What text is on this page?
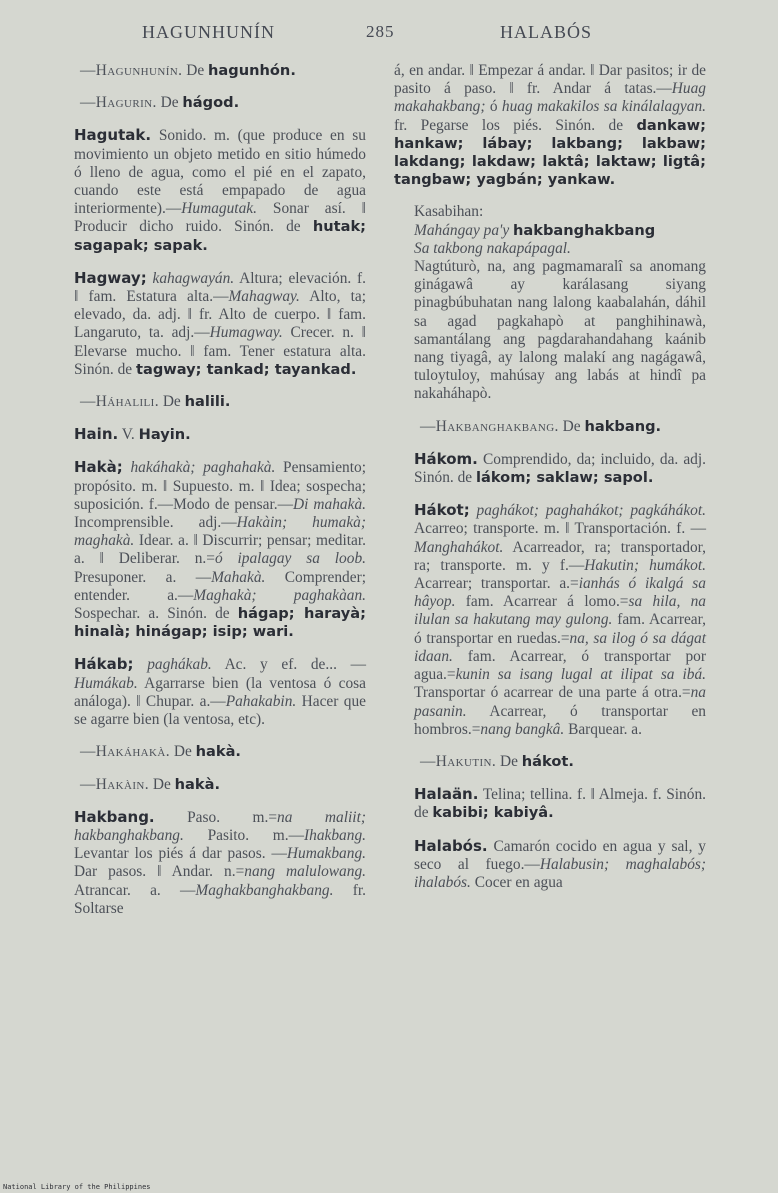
HAGUNHUNÍN	285	HALABÓS
—Hagunhunín. De hagunhón.
—Hagurin. De hágod.
Hagutak. Sonido. m. (que produce en su movimiento un objeto metido en sitio húmedo ó lleno de agua, como el pié en el zapato, cuando este está empapado de agua interiormente).—Humagutak. Sonar así. ‖ Producir dicho ruido. Sinón. de hutak; sagapak; sapak.
Hagway; kahagwayán. Altura; elevación. f. ‖ fam. Estatura alta.—Mahagway. Alto, ta; elevado, da. adj. ‖ fr. Alto de cuerpo. ‖ fam. Langaruto, ta. adj.—Humagway. Crecer. n. ‖ Elevarse mucho. ‖ fam. Tener estatura alta. Sinón. de tagway; tankad; tayankad.
—Háhalili. De halili.
Hain. V. Hayin.
Hakà; hakáhakà; paghahakà. Pensamiento; propósito. m. ‖ Supuesto. m. ‖ Idea; sospecha; suposición. f.—Modo de pensar.—Di mahakà. Incomprensible. adj.—Hakàin; humakà; maghakà. Idear. a. ‖ Discurrir; pensar; meditar. a. ‖ Deliberar. n.=ó ipalagay sa loob. Presuponer. a. —Mahakà. Comprender; entender. a.—Maghakà; paghakàan. Sospechar. a. Sinón. de hágap; harayà; hinalà; hinágap; isip; wari.
Hákab; paghákab. Ac. y ef. de... —Humákab. Agarrarse bien (la ventosa ó cosa análoga). ‖ Chupar. a.—Pahakabin. Hacer que se agarre bien (la ventosa, etc).
—Hakáhakà. De hakà.
—Hakàin. De hakà.
Hakbang. Paso. m.=na maliit; hakbanghakbang. Pasito. m.—Ihakbang. Levantar los piés á dar pasos. —Humakbang. Dar pasos. ‖ Andar. n.=nang malulowang. Atrancar. a. —Maghakbanghakbang. fr. Soltarse
á, en andar. ‖ Empezar á andar. ‖ Dar pasitos; ir de pasito á paso. ‖ fr. Andar á tatas.—Huag makahakbang; ó huag makakilos sa kinálalagyan. fr. Pegarse los piés. Sinón. de dankaw; hankaw; lábay; lakbang; lakbaw; lakdang; lakdaw; laktâ; laktaw; ligtâ; tangbaw; yagbán; yankaw.
Kasabihan:
Mahángay pa'y hakbanghakbang
Sa takbong nakapápagal.
Nagtúturò, na, ang pagmamaralî sa anomang ginágawâ ay karálasang siyang pinagbúbuhatan nang lalong kaabalahán, dáhil sa agad pagkahapò at panghihinawà, samantálang ang pagdarahandahang kaánib nang tiyagâ, ay lalong malakí ang nagágawâ, tuloytuloy, mahúsay ang labás at hindî pa nakaháhapò.
—Hakbanghakbang. De hakbang.
Hákom. Comprendido, da; incluido, da. adj. Sinón. de lákom; saklaw; sapol.
Hákot; paghákot; paghahákot; pagkáhákot. Acarreo; transporte. m. ‖ Transportación. f. —Manghahákot. Acarreador, ra; transportador, ra; transporte. m. y f.—Hakutin; humákot. Acarrear; transportar. a.=ianhás ó ikalgá sa hâyop. fam. Acarrear á lomo.=sa hila, na ilulan sa hakutang may gulong. fam. Acarrear, ó transportar en ruedas.=na, sa ilog ó sa dágat idaan. fam. Acarrear, ó transportar por agua.=kunin sa isang lugal at ilipat sa ibá. Transportar ó acarrear de una parte á otra.=na pasanin. Acarrear, ó transportar en hombros.=nang bangkâ. Barquear. a.
—Hakutin. De hákot.
Halaän. Telina; tellina. f. ‖ Almeja. f. Sinón. de kabibi; kabiyâ.
Halabós. Camarón cocido en agua y sal, y seco al fuego.—Halabusin; maghalabós; ihalabós. Cocer en agua
National Library of the Philippines
